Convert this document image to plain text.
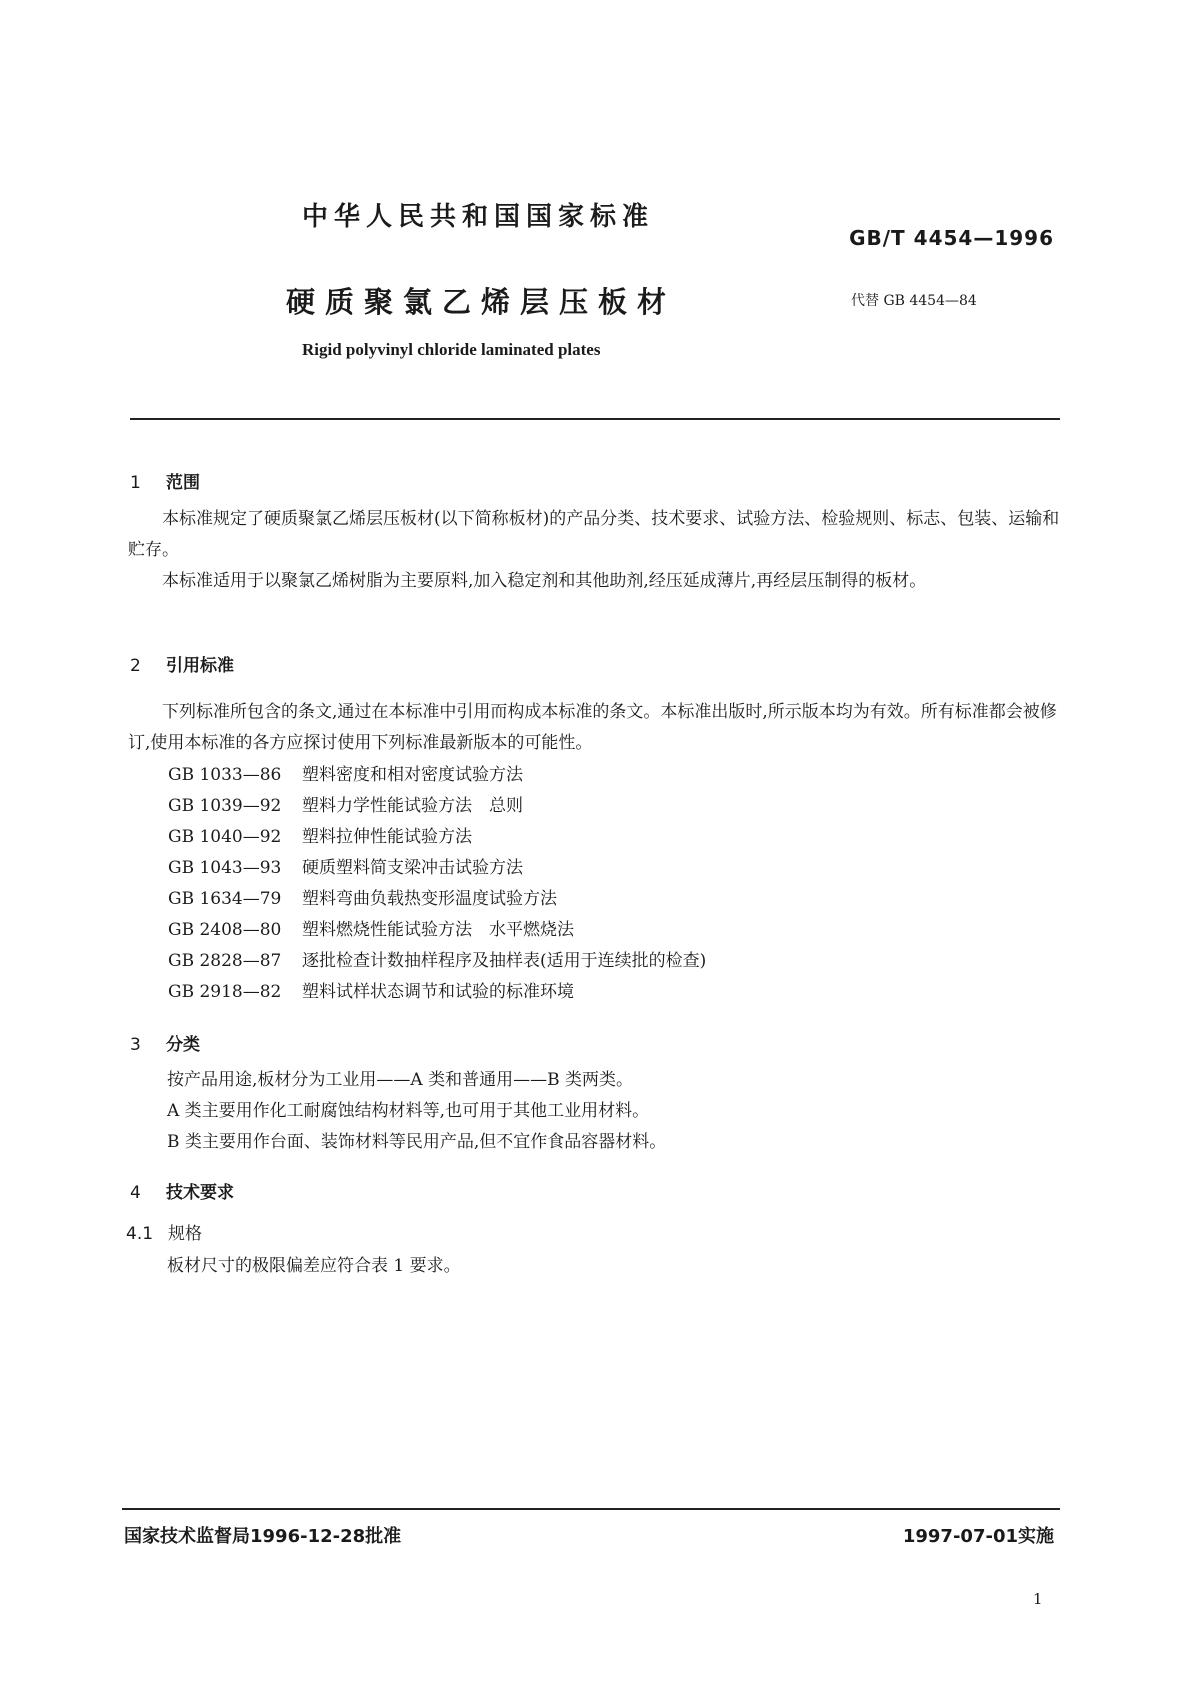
中华人民共和国国家标准
GB/T 4454—1996
硬质聚氯乙烯层压板材	代替 GB 4454—84
Rigid polyvinyl chloride laminated plates
1 范围
本标准规定了硬质聚氯乙烯层压板材(以下简称板材)的产品分类、技术要求、试验方法、检验规则、标志、包装、运输和贮存。
本标准适用于以聚氯乙烯树脂为主要原料,加入稳定剂和其他助剂,经压延成薄片,再经层压制得的板材。
2 引用标准
下列标准所包含的条文,通过在本标准中引用而构成本标准的条文。本标准出版时,所示版本均为有效。所有标准都会被修订,使用本标准的各方应探讨使用下列标准最新版本的可能性。
GB 1033—86 塑料密度和相对密度试验方法
GB 1039—92 塑料力学性能试验方法　总则
GB 1040—92 塑料拉伸性能试验方法
GB 1043—93 硬质塑料简支梁冲击试验方法
GB 1634—79 塑料弯曲负载热变形温度试验方法
GB 2408—80 塑料燃烧性能试验方法　水平燃烧法
GB 2828—87 逐批检查计数抽样程序及抽样表(适用于连续批的检查)
GB 2918—82 塑料试样状态调节和试验的标准环境
3 分类
按产品用途,板材分为工业用——A 类和普通用——B 类两类。
A 类主要用作化工耐腐蚀结构材料等,也可用于其他工业用材料。
B 类主要用作台面、装饰材料等民用产品,但不宜作食品容器材料。
4 技术要求
4.1 规格
板材尺寸的极限偏差应符合表 1 要求。
国家技术监督局1996-12-28批准	1997-07-01实施
1
